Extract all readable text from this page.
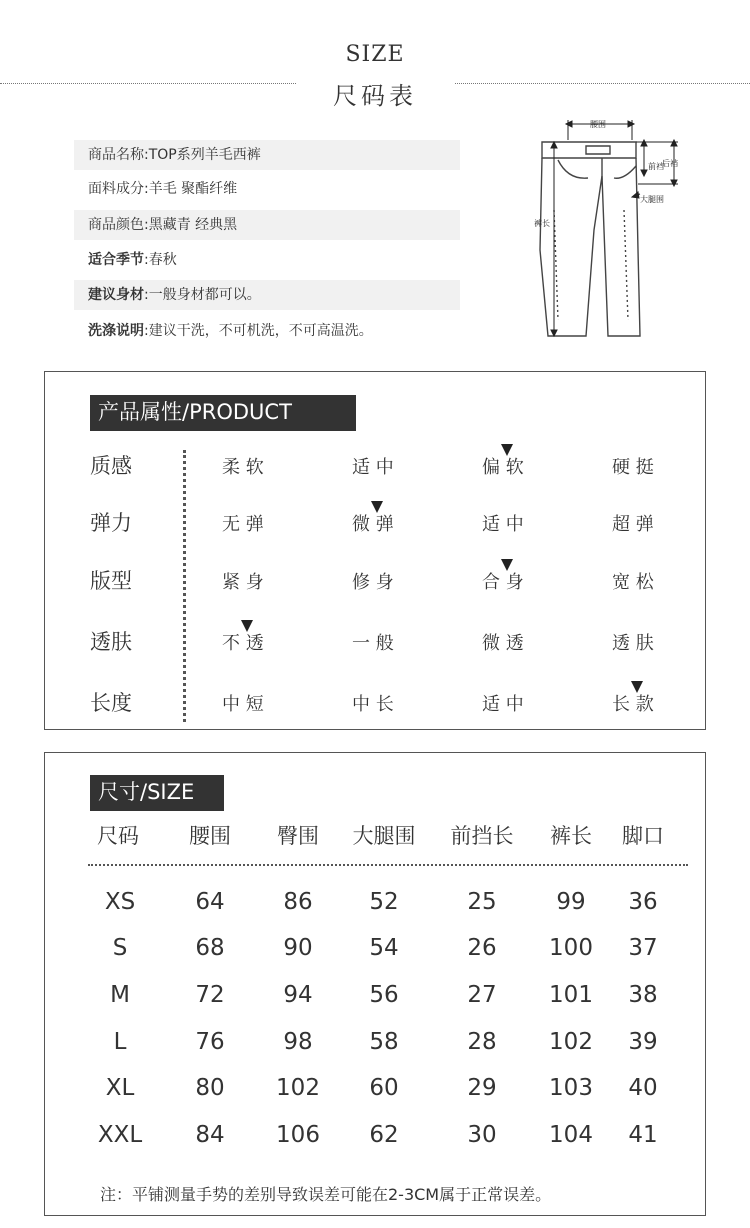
SIZE
尺码表
商品名称:TOP系列羊毛西裤
面料成分:羊毛 聚酯纤维
商品颜色:黑藏青 经典黑
适合季节:春秋
建议身材:一般身材都可以。
洗涤说明:建议干洗，不可机洗，不可高温洗。
腰围
前裆
后裆
大腿围
裤长
产品属性/PRODUCT
质感	柔 软	适 中	偏 软	硬 挺
弹力	无 弹	微 弹	适 中	超 弹
版型	紧 身	修 身	合 身	宽 松
透肤	不 透	一 般	微 透	透 肤
长度	中 短	中 长	适 中	长 款
尺寸/SIZE
尺码	腰围	臀围	大腿围	前挡长	裤长	脚口
XS	64	86	52	25	99	36
S	68	90	54	26	100	37
M	72	94	56	27	101	38
L	76	98	58	28	102	39
XL	80	102	60	29	103	40
XXL	84	106	62	30	104	41
注：平铺测量手势的差别导致误差可能在2-3CM属于正常误差。
